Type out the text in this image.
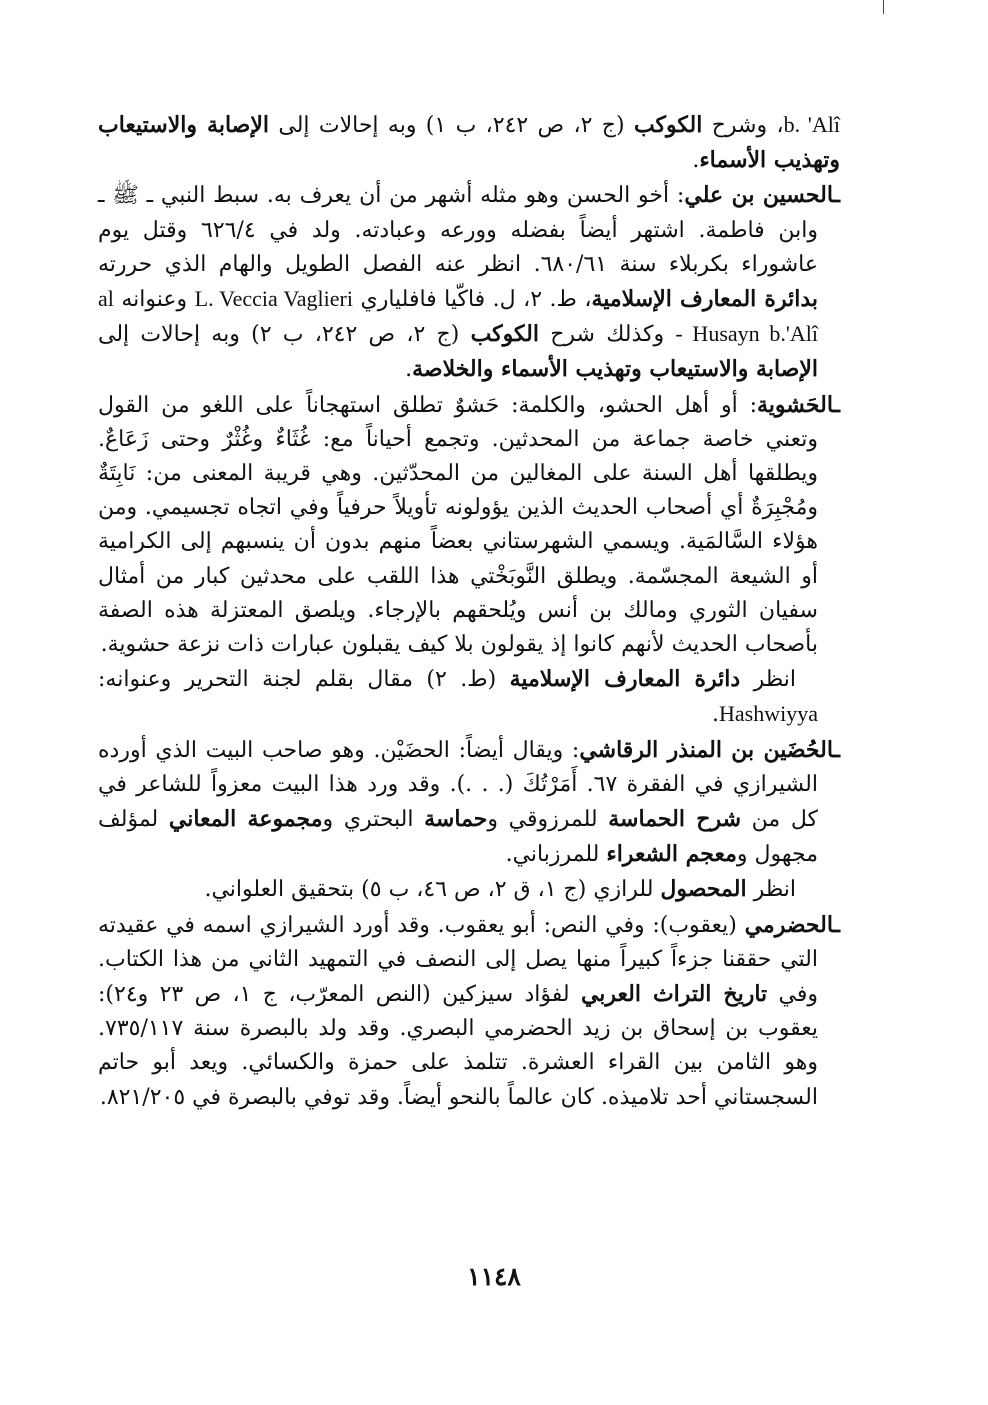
b. 'Alî، وشرح الكوكب (ج ٢، ص ٢٤٢، ب ١) وبه إحالات إلى الإصابة والاستيعاب وتهذيب الأسماء.

ـالحسين بن علي: أخو الحسن وهو مثله أشهر من أن يعرف به. سبط النبي ـ ﷺ ـ وابن فاطمة. اشتهر أيضاً بفضله وورعه وعبادته. ولد في ٦٢٦/٤ وقتل يوم عاشوراء بكربلاء سنة ٦٨٠/٦١. انظر عنه الفصل الطويل والهام الذي حررته بدائرة المعارف الإسلامية، ط. ٢، ل. فاكّيا فافلياري L. Veccia Vaglieri وعنوانه al - Husayn b.'Alî وكذلك شرح الكوكب (ج ٢، ص ٢٤٢، ب ٢) وبه إحالات إلى الإصابة والاستيعاب وتهذيب الأسماء والخلاصة.

ـالحَشوية: أو أهل الحشو، والكلمة: حَشوٌ تطلق استهجاناً على اللغو من القول وتعني خاصة جماعة من المحدثين. وتجمع أحياناً مع: غُثَاءٌ وغُثْرٌ وحتى زَعَاعٌ. ويطلقها أهل السنة على المغالين من المحدّثين. وهي قريبة المعنى من: نَابِتَةٌ ومُجْبِرَةٌ أي أصحاب الحديث الذين يؤولونه تأويلاً حرفياً وفي اتجاه تجسيمي. ومن هؤلاء السَّالمَية. ويسمي الشهرستاني بعضاً منهم بدون أن ينسبهم إلى الكرامية أو الشيعة المجسّمة. ويطلق النَّوبَخْتي هذا اللقب على محدثين كبار من أمثال سفيان الثوري ومالك بن أنس ويُلحقهم بالإرجاء. ويلصق المعتزلة هذه الصفة بأصحاب الحديث لأنهم كانوا إذ يقولون بلا كيف يقبلون عبارات ذات نزعة حشوية.

انظر دائرة المعارف الإسلامية (ط. ٢) مقال بقلم لجنة التحرير وعنوانه: Hashwiyya.

ـالحُضَين بن المنذر الرقاشي: ويقال أيضاً: الحضَيْن. وهو صاحب البيت الذي أورده الشيرازي في الفقرة ٦٧. أَمَرْتُكَ (. . .). وقد ورد هذا البيت معزواً للشاعر في كل من شرح الحماسة للمرزوقي وحماسة البحتري ومجموعة المعاني لمؤلف مجهول ومعجم الشعراء للمرزباني.

انظر المحصول للرازي (ج ١، ق ٢، ص ٤٦، ب ٥) بتحقيق العلواني.

ـالحضرمي (يعقوب): وفي النص: أبو يعقوب. وقد أورد الشيرازي اسمه في عقيدته التي حققنا جزءاً كبيراً منها يصل إلى النصف في التمهيد الثاني من هذا الكتاب. وفي تاريخ التراث العربي لفؤاد سيزكين (النص المعرّب، ج ١، ص ٢٣ و٢٤): يعقوب بن إسحاق بن زيد الحضرمي البصري. وقد ولد بالبصرة سنة ٧٣٥/١١٧. وهو الثامن بين القراء العشرة. تتلمذ على حمزة والكسائي. ويعد أبو حاتم السجستاني أحد تلاميذه. كان عالماً بالنحو أيضاً. وقد توفي بالبصرة في ٨٢١/٢٠٥.

١١٤٨
